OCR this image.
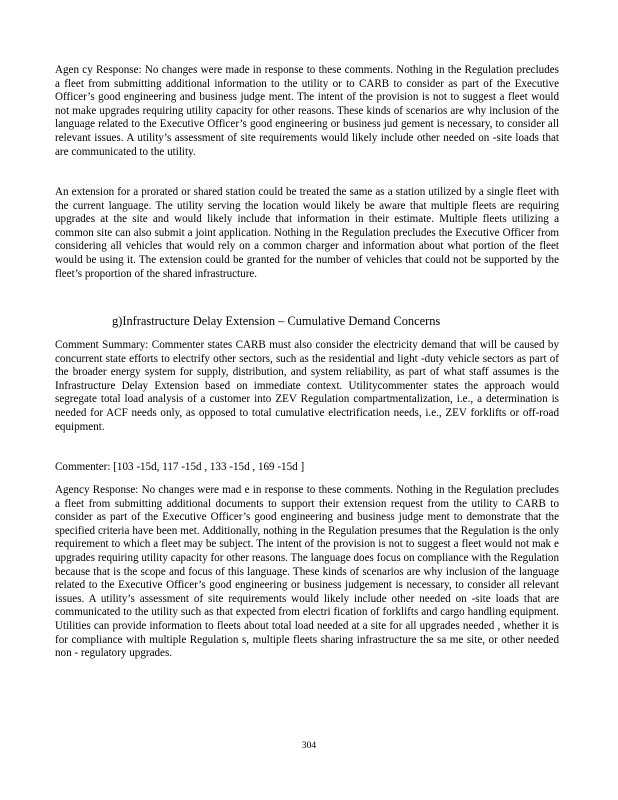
Agen cy Response: No changes were made in response to these comments. Nothing in the Regulation precludes a fleet from submitting additional information to the utility or to CARB to consider as part of the Executive Officer’s good engineering and business judge ment. The intent of the provision is not to suggest a fleet would not make upgrades requiring utility capacity for other reasons. These kinds of scenarios are why inclusion of the language related to the Executive Officer’s good engineering or business jud gement is necessary, to consider all relevant issues. A utility’s assessment of site requirements would likely include other needed on -site loads that are communicated to the utility.

An extension for a prorated or shared station could be treated the same as a station utilized by a single fleet with the current language. The utility serving the location would likely be aware that multiple fleets are requiring upgrades at the site and would likely include that information in their estimate. Multiple fleets utilizing a common site can also submit a joint application. Nothing in the Regulation precludes the Executive Officer from considering all vehicles that would rely on a common charger and information about what portion of the fleet would be using it. The extension could be granted for the number of vehicles that could not be supported by the fleet’s proportion of the shared infrastructure.

g)Infrastructure Delay Extension – Cumulative Demand Concerns

Comment Summary: Commenter states CARB must also consider the electricity demand that will be caused by concurrent state efforts to electrify other sectors, such as the residential and light -duty vehicle sectors as part of the broader energy system for supply, distribution, and system reliability, as part of what staff assumes is the Infrastructure Delay Extension based on immediate context. Utilitycommenter states the approach would segregate total load analysis of a customer into ZEV Regulation compartmentalization, i.e., a determination is needed for ACF needs only, as opposed to total cumulative electrification needs, i.e., ZEV forklifts or off-road equipment.

Commenter: [103 -15d, 117 -15d , 133 -15d , 169 -15d ]

Agency Response: No changes were mad e in response to these comments. Nothing in the Regulation precludes a fleet from submitting additional documents to support their extension request from the utility to CARB to consider as part of the Executive Officer’s good engineering and business judge ment to demonstrate that the specified criteria have been met. Additionally, nothing in the Regulation presumes that the Regulation is the only requirement to which a fleet may be subject. The intent of the provision is not to suggest a fleet would not mak e upgrades requiring utility capacity for other reasons. The language does focus on compliance with the Regulation because that is the scope and focus of this language. These kinds of scenarios are why inclusion of the language related to the Executive Officer’s good engineering or business judgement is necessary, to consider all relevant issues. A utility’s assessment of site requirements would likely include other needed on -site loads that are communicated to the utility such as that expected from electri fication of forklifts and cargo handling equipment. Utilities can provide information to fleets about total load needed at a site for all upgrades needed , whether it is for compliance with multiple Regulation s, multiple fleets sharing infrastructure the sa me site, or other needed non - regulatory upgrades.

304
